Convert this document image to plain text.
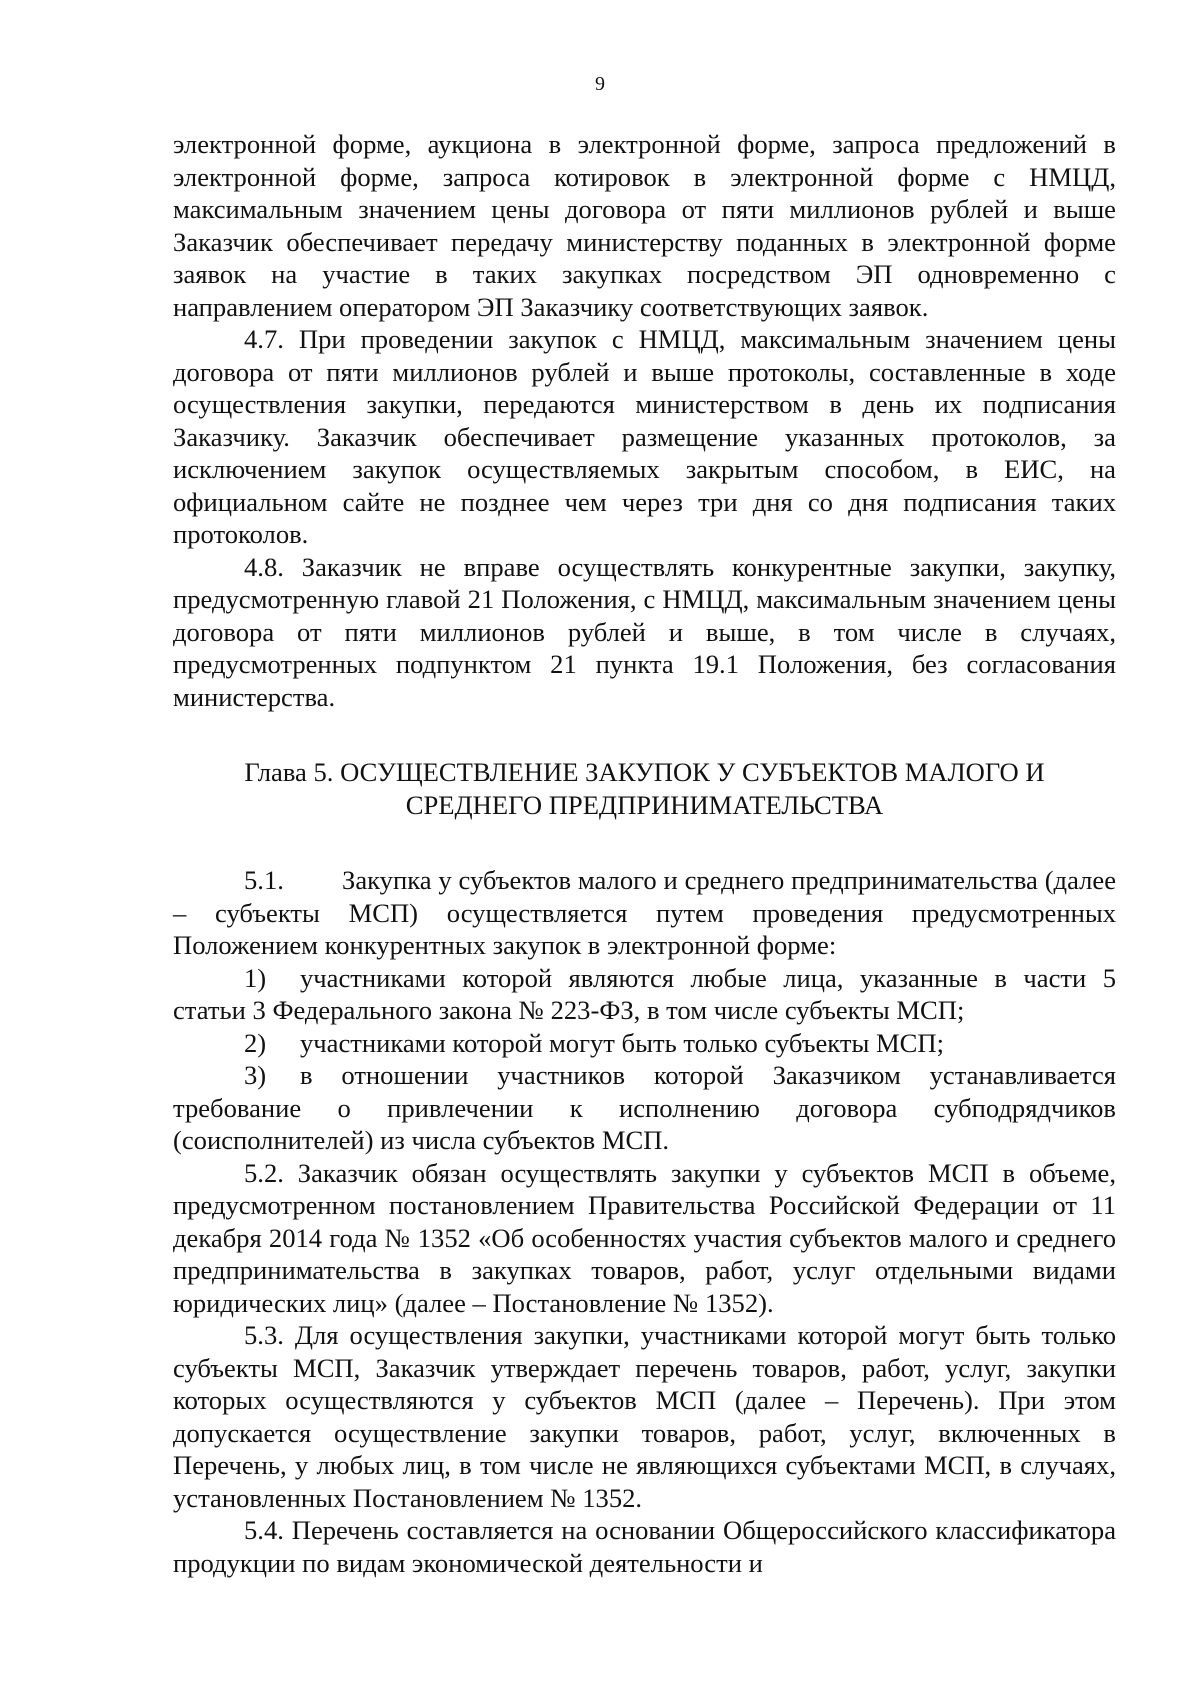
9

электронной форме, аукциона в электронной форме, запроса предложений в электронной форме, запроса котировок в электронной форме с НМЦД, максимальным значением цены договора от пяти миллионов рублей и выше Заказчик обеспечивает передачу министерству поданных в электронной форме заявок на участие в таких закупках посредством ЭП одновременно с направлением оператором ЭП Заказчику соответствующих заявок.

4.7. При проведении закупок с НМЦД, максимальным значением цены договора от пяти миллионов рублей и выше протоколы, составленные в ходе осуществления закупки, передаются министерством в день их подписания Заказчику. Заказчик обеспечивает размещение указанных протоколов, за исключением закупок осуществляемых закрытым способом, в ЕИС, на официальном сайте не позднее чем через три дня со дня подписания таких протоколов.

4.8. Заказчик не вправе осуществлять конкурентные закупки, закупку, предусмотренную главой 21 Положения, с НМЦД, максимальным значением цены договора от пяти миллионов рублей и выше, в том числе в случаях, предусмотренных подпунктом 21 пункта 19.1 Положения, без согласования министерства.

Глава 5. ОСУЩЕСТВЛЕНИЕ ЗАКУПОК У СУБЪЕКТОВ МАЛОГО И
СРЕДНЕГО ПРЕДПРИНИМАТЕЛЬСТВА

5.1. Закупка у субъектов малого и среднего предпринимательства (далее – субъекты МСП) осуществляется путем проведения предусмотренных Положением конкурентных закупок в электронной форме:

1) участниками которой являются любые лица, указанные в части 5 статьи 3 Федерального закона № 223-ФЗ, в том числе субъекты МСП;

2) участниками которой могут быть только субъекты МСП;

3) в отношении участников которой Заказчиком устанавливается требование о привлечении к исполнению договора субподрядчиков (соисполнителей) из числа субъектов МСП.

5.2. Заказчик обязан осуществлять закупки у субъектов МСП в объеме, предусмотренном постановлением Правительства Российской Федерации от 11 декабря 2014 года № 1352 «Об особенностях участия субъектов малого и среднего предпринимательства в закупках товаров, работ, услуг отдельными видами юридических лиц» (далее – Постановление № 1352).

5.3. Для осуществления закупки, участниками которой могут быть только субъекты МСП, Заказчик утверждает перечень товаров, работ, услуг, закупки которых осуществляются у субъектов МСП (далее – Перечень). При этом допускается осуществление закупки товаров, работ, услуг, включенных в Перечень, у любых лиц, в том числе не являющихся субъектами МСП, в случаях, установленных Постановлением № 1352.

5.4. Перечень составляется на основании Общероссийского классификатора продукции по видам экономической деятельности и
